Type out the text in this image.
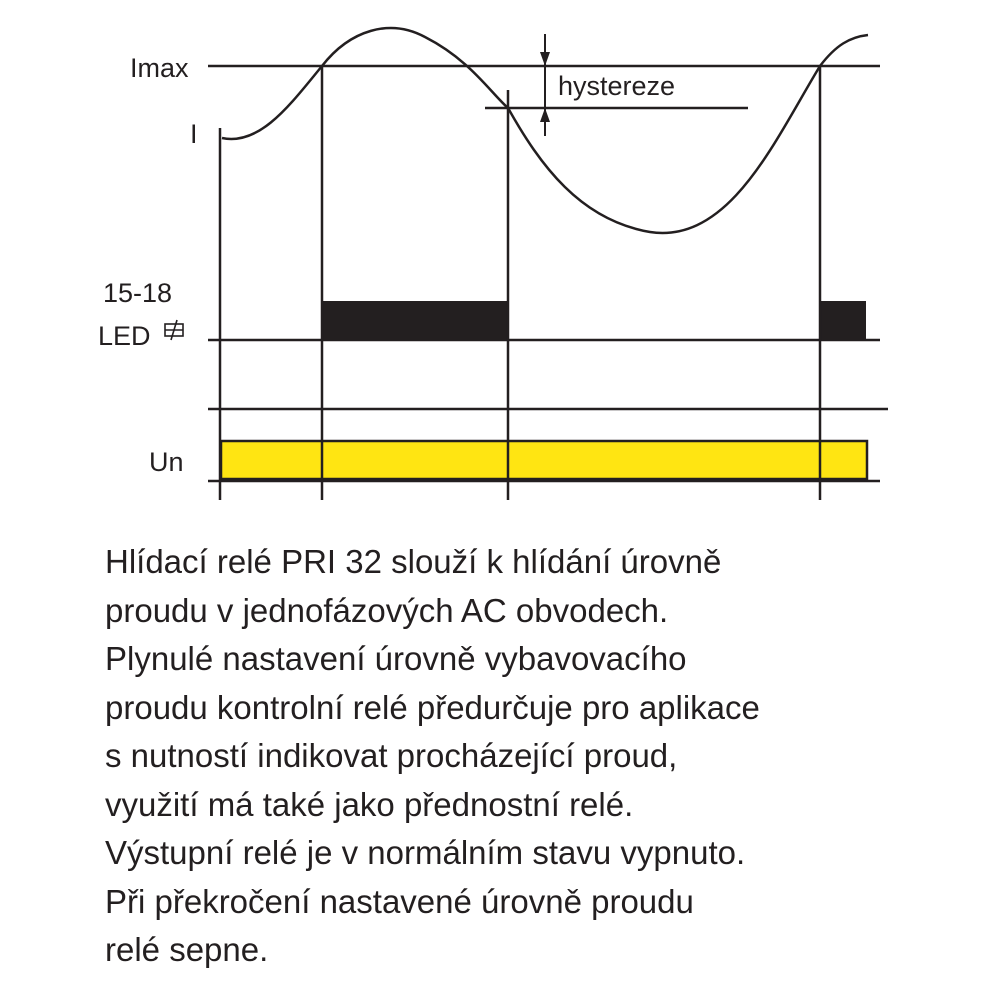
Imax
I
hystereze
15-18
LED
Un
Hlídací relé PRI 32 slouží k hlídání úrovně
proudu v jednofázových AC obvodech.
Plynulé nastavení úrovně vybavovacího
proudu kontrolní relé předurčuje pro aplikace
s nutností indikovat procházející proud,
využití má také jako přednostní relé.
Výstupní relé je v normálním stavu vypnuto.
Při překročení nastavené úrovně proudu
relé sepne.
